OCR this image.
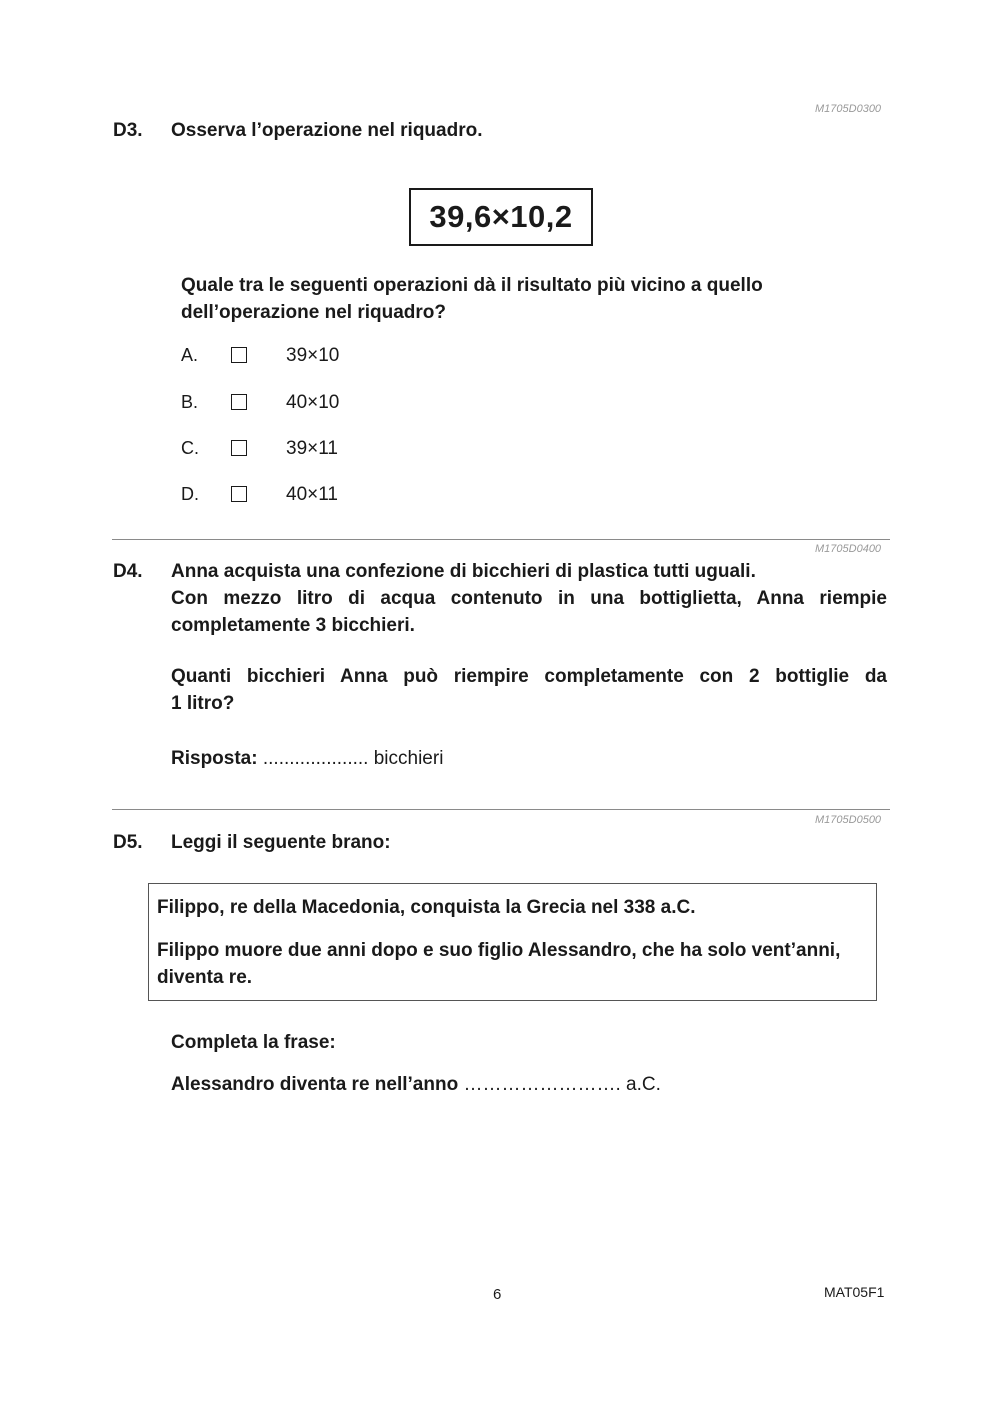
M1705D0300
D3. Osserva l’operazione nel riquadro.
39,6×10,2
Quale tra le seguenti operazioni dà il risultato più vicino a quello
dell’operazione nel riquadro?
A.	39×10
B.	40×10
C.	39×11
D.	40×11
M1705D0400
D4. Anna acquista una confezione di bicchieri di plastica tutti uguali.
Con mezzo litro di acqua contenuto in una bottiglietta, Anna riempie
completamente 3 bicchieri.
Quanti bicchieri Anna può riempire completamente con 2 bottiglie da
1 litro?
Risposta: .................... bicchieri
M1705D0500
D5. Leggi il seguente brano:
Filippo, re della Macedonia, conquista la Grecia nel 338 a.C.
Filippo muore due anni dopo e suo figlio Alessandro, che ha solo vent’anni,
diventa re.
Completa la frase:
Alessandro diventa re nell’anno ……………………. a.C.
6	MAT05F1
